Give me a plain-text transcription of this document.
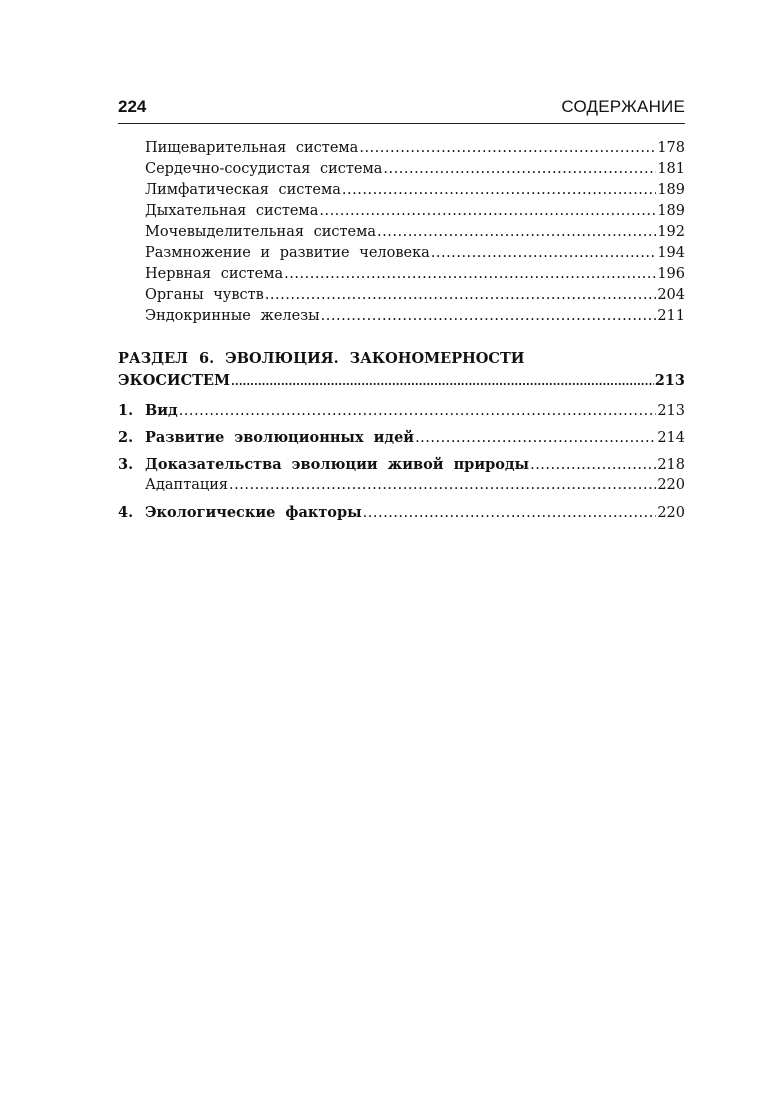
224	СОДЕРЖАНИЕ
Пищеварительная система .....	178
Сердечно-сосудистая система .....	181
Лимфатическая система .....	189
Дыхательная система .....	189
Мочевыделительная система .....	192
Размножение и развитие человека .....	194
Нервная система .....	196
Органы чувств .....	204
Эндокринные железы .....	211
РАЗДЕЛ 6. ЭВОЛЮЦИЯ. ЗАКОНОМЕРНОСТИ
ЭКОСИСТЕМ .....	213
1. Вид .....	213
2. Развитие эволюционных идей .....	214
3. Доказательства эволюции живой природы .....	218
Адаптация .....	220
4. Экологические факторы .....	220
